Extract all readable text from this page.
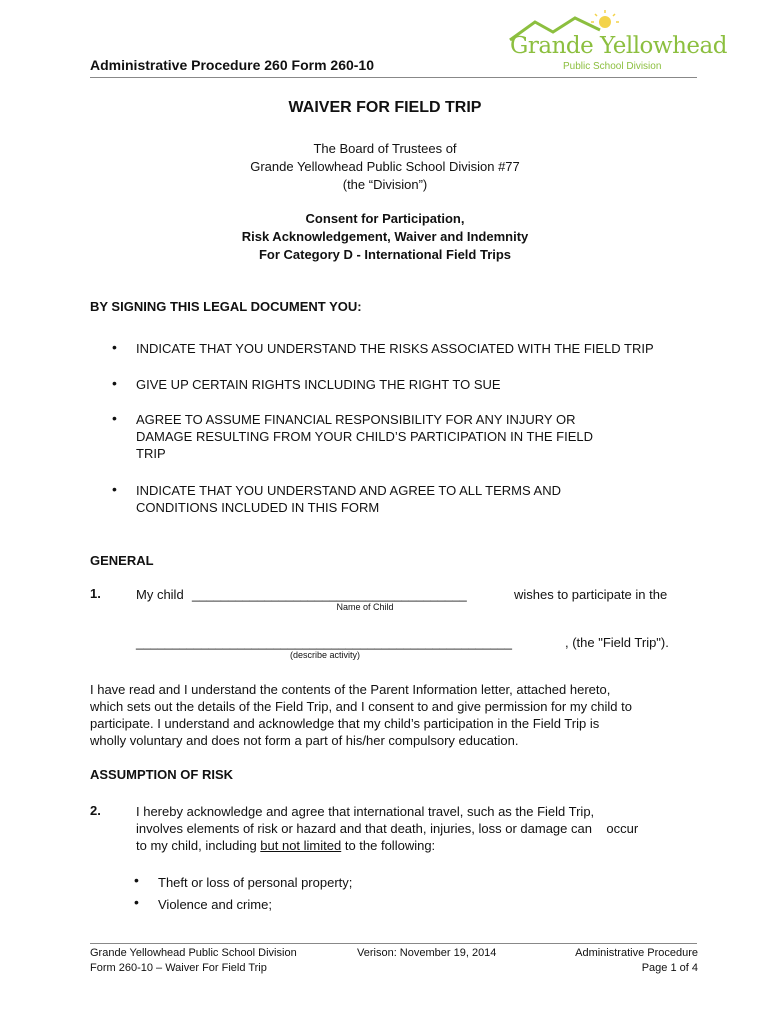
Administrative Procedure 260 Form 260-10
Grande Yellowhead
Public School Division
WAIVER FOR FIELD TRIP
The Board of Trustees of
Grande Yellowhead Public School Division #77
(the “Division”)
Consent for Participation,
Risk Acknowledgement, Waiver and Indemnity
For Category D - International Field Trips
BY SIGNING THIS LEGAL DOCUMENT YOU:
• INDICATE THAT YOU UNDERSTAND THE RISKS ASSOCIATED WITH THE FIELD TRIP
• GIVE UP CERTAIN RIGHTS INCLUDING THE RIGHT TO SUE
• AGREE TO ASSUME FINANCIAL RESPONSIBILITY FOR ANY INJURY OR
DAMAGE RESULTING FROM YOUR CHILD’S PARTICIPATION IN THE FIELD
TRIP
• INDICATE THAT YOU UNDERSTAND AND AGREE TO ALL TERMS AND
CONDITIONS INCLUDED IN THIS FORM
GENERAL
1.	My child ______________________________________	wishes to participate in the
Name of Child
____________________________________________________	, (the "Field Trip").
(describe activity)
I have read and I understand the contents of the Parent Information letter, attached hereto,
which sets out the details of the Field Trip, and I consent to and give permission for my child to
participate. I understand and acknowledge that my child’s participation in the Field Trip is
wholly voluntary and does not form a part of his/her compulsory education.
ASSUMPTION OF RISK
2.	I hereby acknowledge and agree that international travel, such as the Field Trip,
involves elements of risk or hazard and that death, injuries, loss or damage can    occur
to my child, including but not limited to the following:
• Theft or loss of personal property;
• Violence and crime;
Grande Yellowhead Public School Division
Form 260-10 – Waiver For Field Trip
Verison: November 19, 2014	Administrative Procedure
Page 1 of 4
